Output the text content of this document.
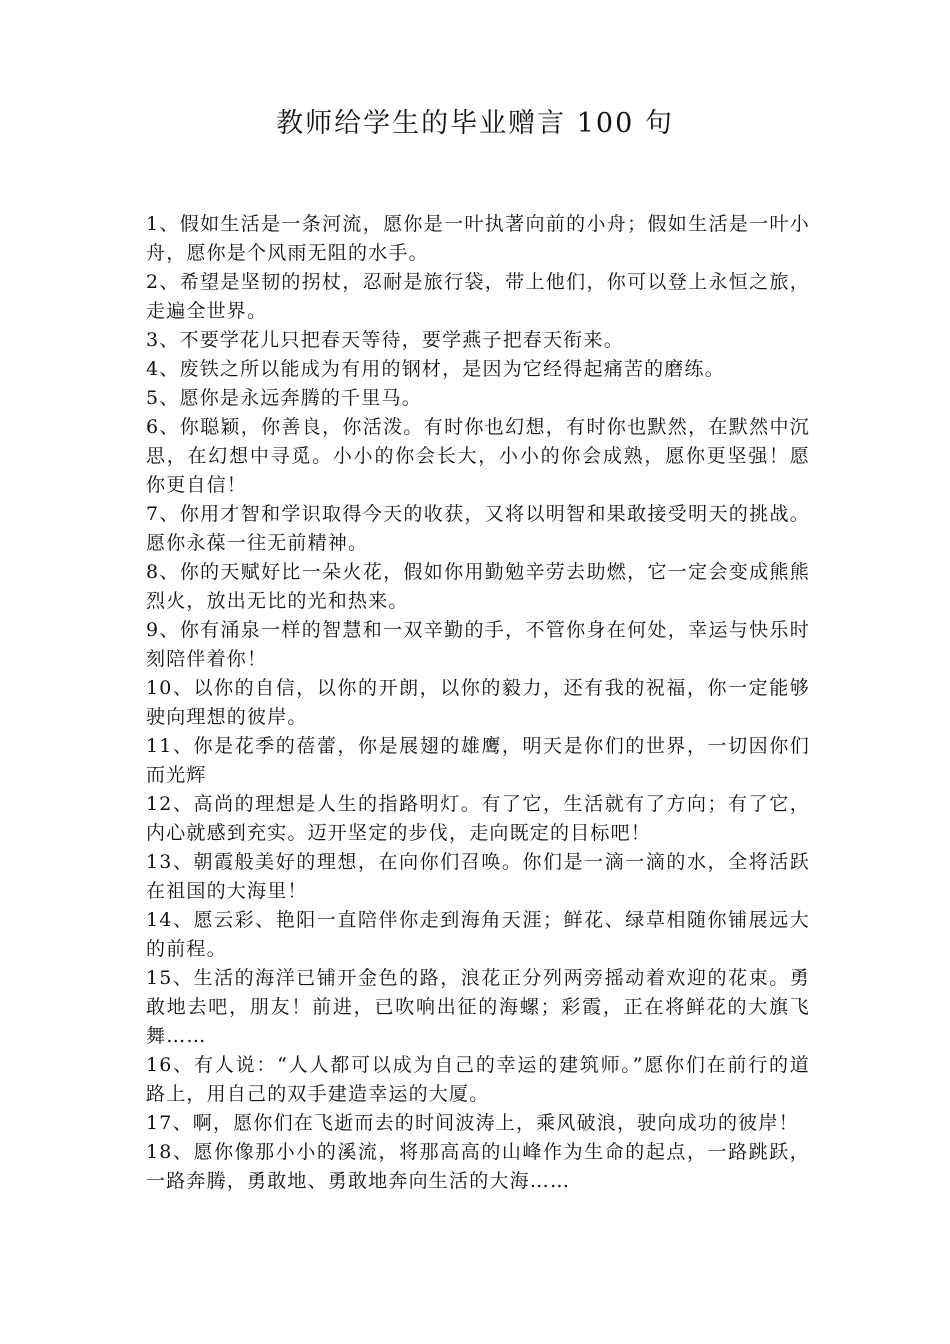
教师给学生的毕业赠言 100 句
1、假如生活是一条河流，愿你是一叶执著向前的小舟；假如生活是一叶小舟，愿你是个风雨无阻的水手。
2、希望是坚韧的拐杖，忍耐是旅行袋，带上他们，你可以登上永恒之旅，走遍全世界。
3、不要学花儿只把春天等待，要学燕子把春天衔来。
4、废铁之所以能成为有用的钢材，是因为它经得起痛苦的磨练。
5、愿你是永远奔腾的千里马。
6、你聪颖，你善良，你活泼。有时你也幻想，有时你也默然，在默然中沉思，在幻想中寻觅。小小的你会长大，小小的你会成熟，愿你更坚强！愿你更自信！
7、你用才智和学识取得今天的收获，又将以明智和果敢接受明天的挑战。愿你永葆一往无前精神。
8、你的天赋好比一朵火花，假如你用勤勉辛劳去助燃，它一定会变成熊熊烈火，放出无比的光和热来。
9、你有涌泉一样的智慧和一双辛勤的手，不管你身在何处，幸运与快乐时刻陪伴着你！
10、以你的自信，以你的开朗，以你的毅力，还有我的祝福，你一定能够驶向理想的彼岸。
11、你是花季的蓓蕾，你是展翅的雄鹰，明天是你们的世界，一切因你们而光辉
12、高尚的理想是人生的指路明灯。有了它，生活就有了方向；有了它，内心就感到充实。迈开坚定的步伐，走向既定的目标吧！
13、朝霞般美好的理想，在向你们召唤。你们是一滴一滴的水，全将活跃在祖国的大海里！
14、愿云彩、艳阳一直陪伴你走到海角天涯；鲜花、绿草相随你铺展远大的前程。
15、生活的海洋已铺开金色的路，浪花正分列两旁摇动着欢迎的花束。勇敢地去吧，朋友！前进，已吹响出征的海螺；彩霞，正在将鲜花的大旗飞舞……
16、有人说：“人人都可以成为自己的幸运的建筑师。”愿你们在前行的道路上，用自己的双手建造幸运的大厦。
17、啊，愿你们在飞逝而去的时间波涛上，乘风破浪，驶向成功的彼岸！
18、愿你像那小小的溪流，将那高高的山峰作为生命的起点，一路跳跃，一路奔腾，勇敢地、勇敢地奔向生活的大海……
